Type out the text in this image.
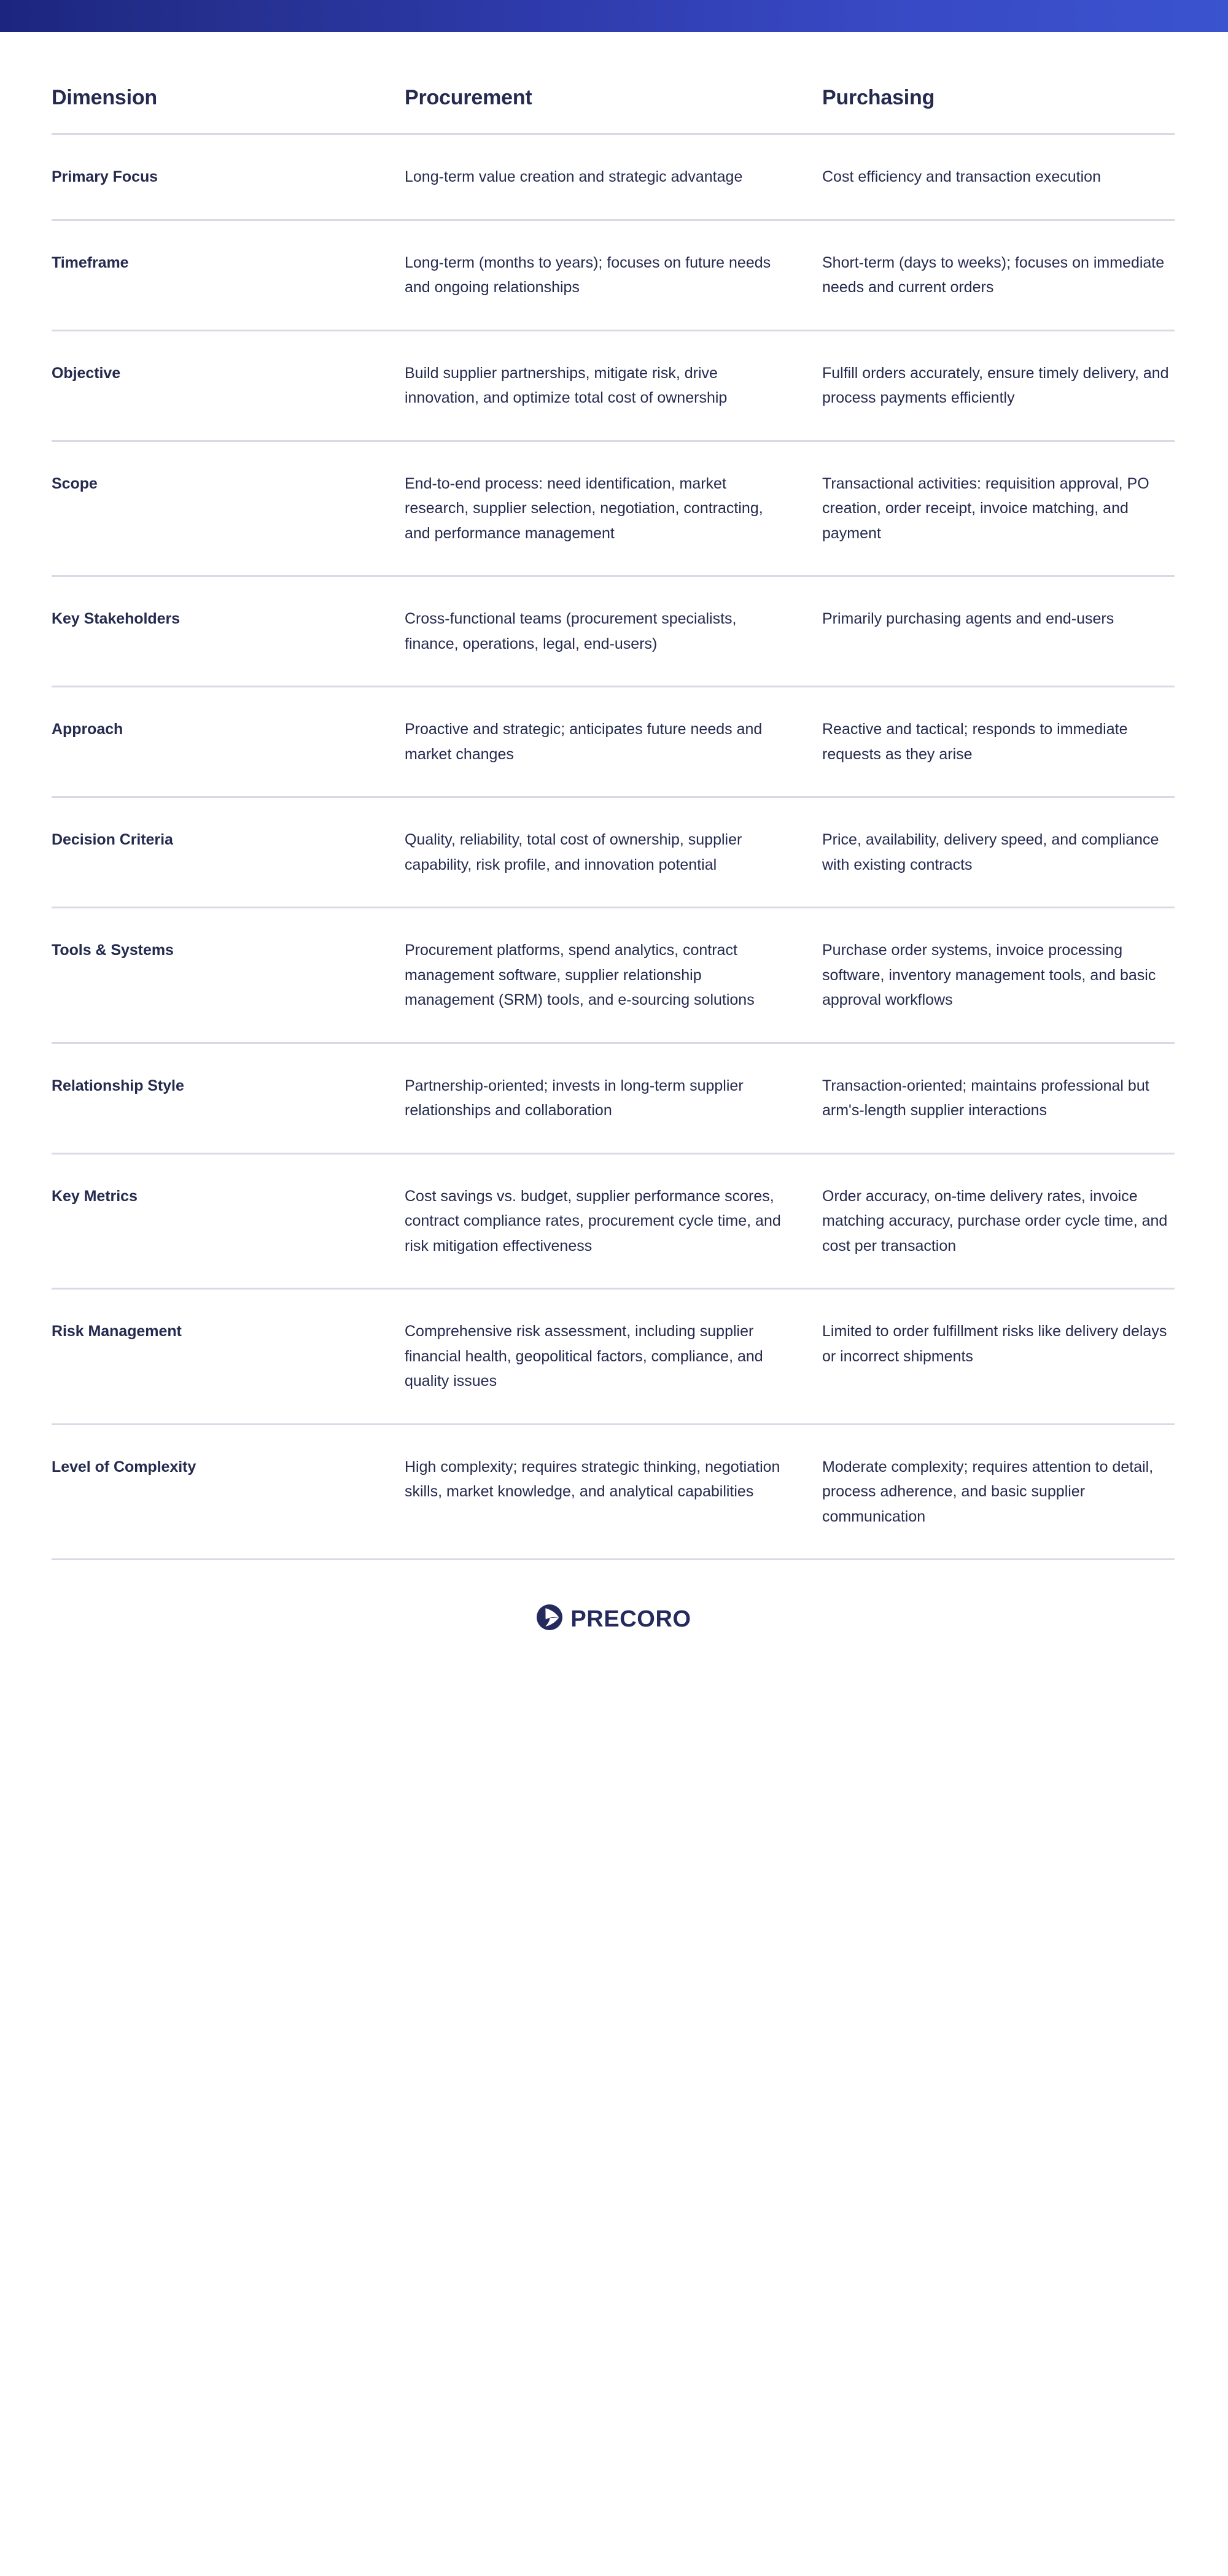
Dimension	Procurement	Purchasing
Primary Focus	Long-term value creation and strategic advantage	Cost efficiency and transaction execution
Timeframe	Long-term (months to years); focuses on future needs and ongoing relationships	Short-term (days to weeks); focuses on immediate needs and current orders
Objective	Build supplier partnerships, mitigate risk, drive innovation, and optimize total cost of ownership	Fulfill orders accurately, ensure timely delivery, and process payments efficiently
Scope	End-to-end process: need identification, market research, supplier selection, negotiation, contracting, and performance management	Transactional activities: requisition approval, PO creation, order receipt, invoice matching, and payment
Key Stakeholders	Cross-functional teams (procurement specialists, finance, operations, legal, end-users)	Primarily purchasing agents and end-users
Approach	Proactive and strategic; anticipates future needs and market changes	Reactive and tactical; responds to immediate requests as they arise
Decision Criteria	Quality, reliability, total cost of ownership, supplier capability, risk profile, and innovation potential	Price, availability, delivery speed, and compliance with existing contracts
Tools & Systems	Procurement platforms, spend analytics, contract management software, supplier relationship management (SRM) tools, and e-sourcing solutions	Purchase order systems, invoice processing software, inventory management tools, and basic approval workflows
Relationship Style	Partnership-oriented; invests in long-term supplier relationships and collaboration	Transaction-oriented; maintains professional but arm's-length supplier interactions
Key Metrics	Cost savings vs. budget, supplier performance scores, contract compliance rates, procurement cycle time, and risk mitigation effectiveness	Order accuracy, on-time delivery rates, invoice matching accuracy, purchase order cycle time, and cost per transaction
Risk Management	Comprehensive risk assessment, including supplier financial health, geopolitical factors, compliance, and quality issues	Limited to order fulfillment risks like delivery delays or incorrect shipments
Level of Complexity	High complexity; requires strategic thinking, negotiation skills, market knowledge, and analytical capabilities	Moderate complexity; requires attention to detail, process adherence, and basic supplier communication
PRECORO
